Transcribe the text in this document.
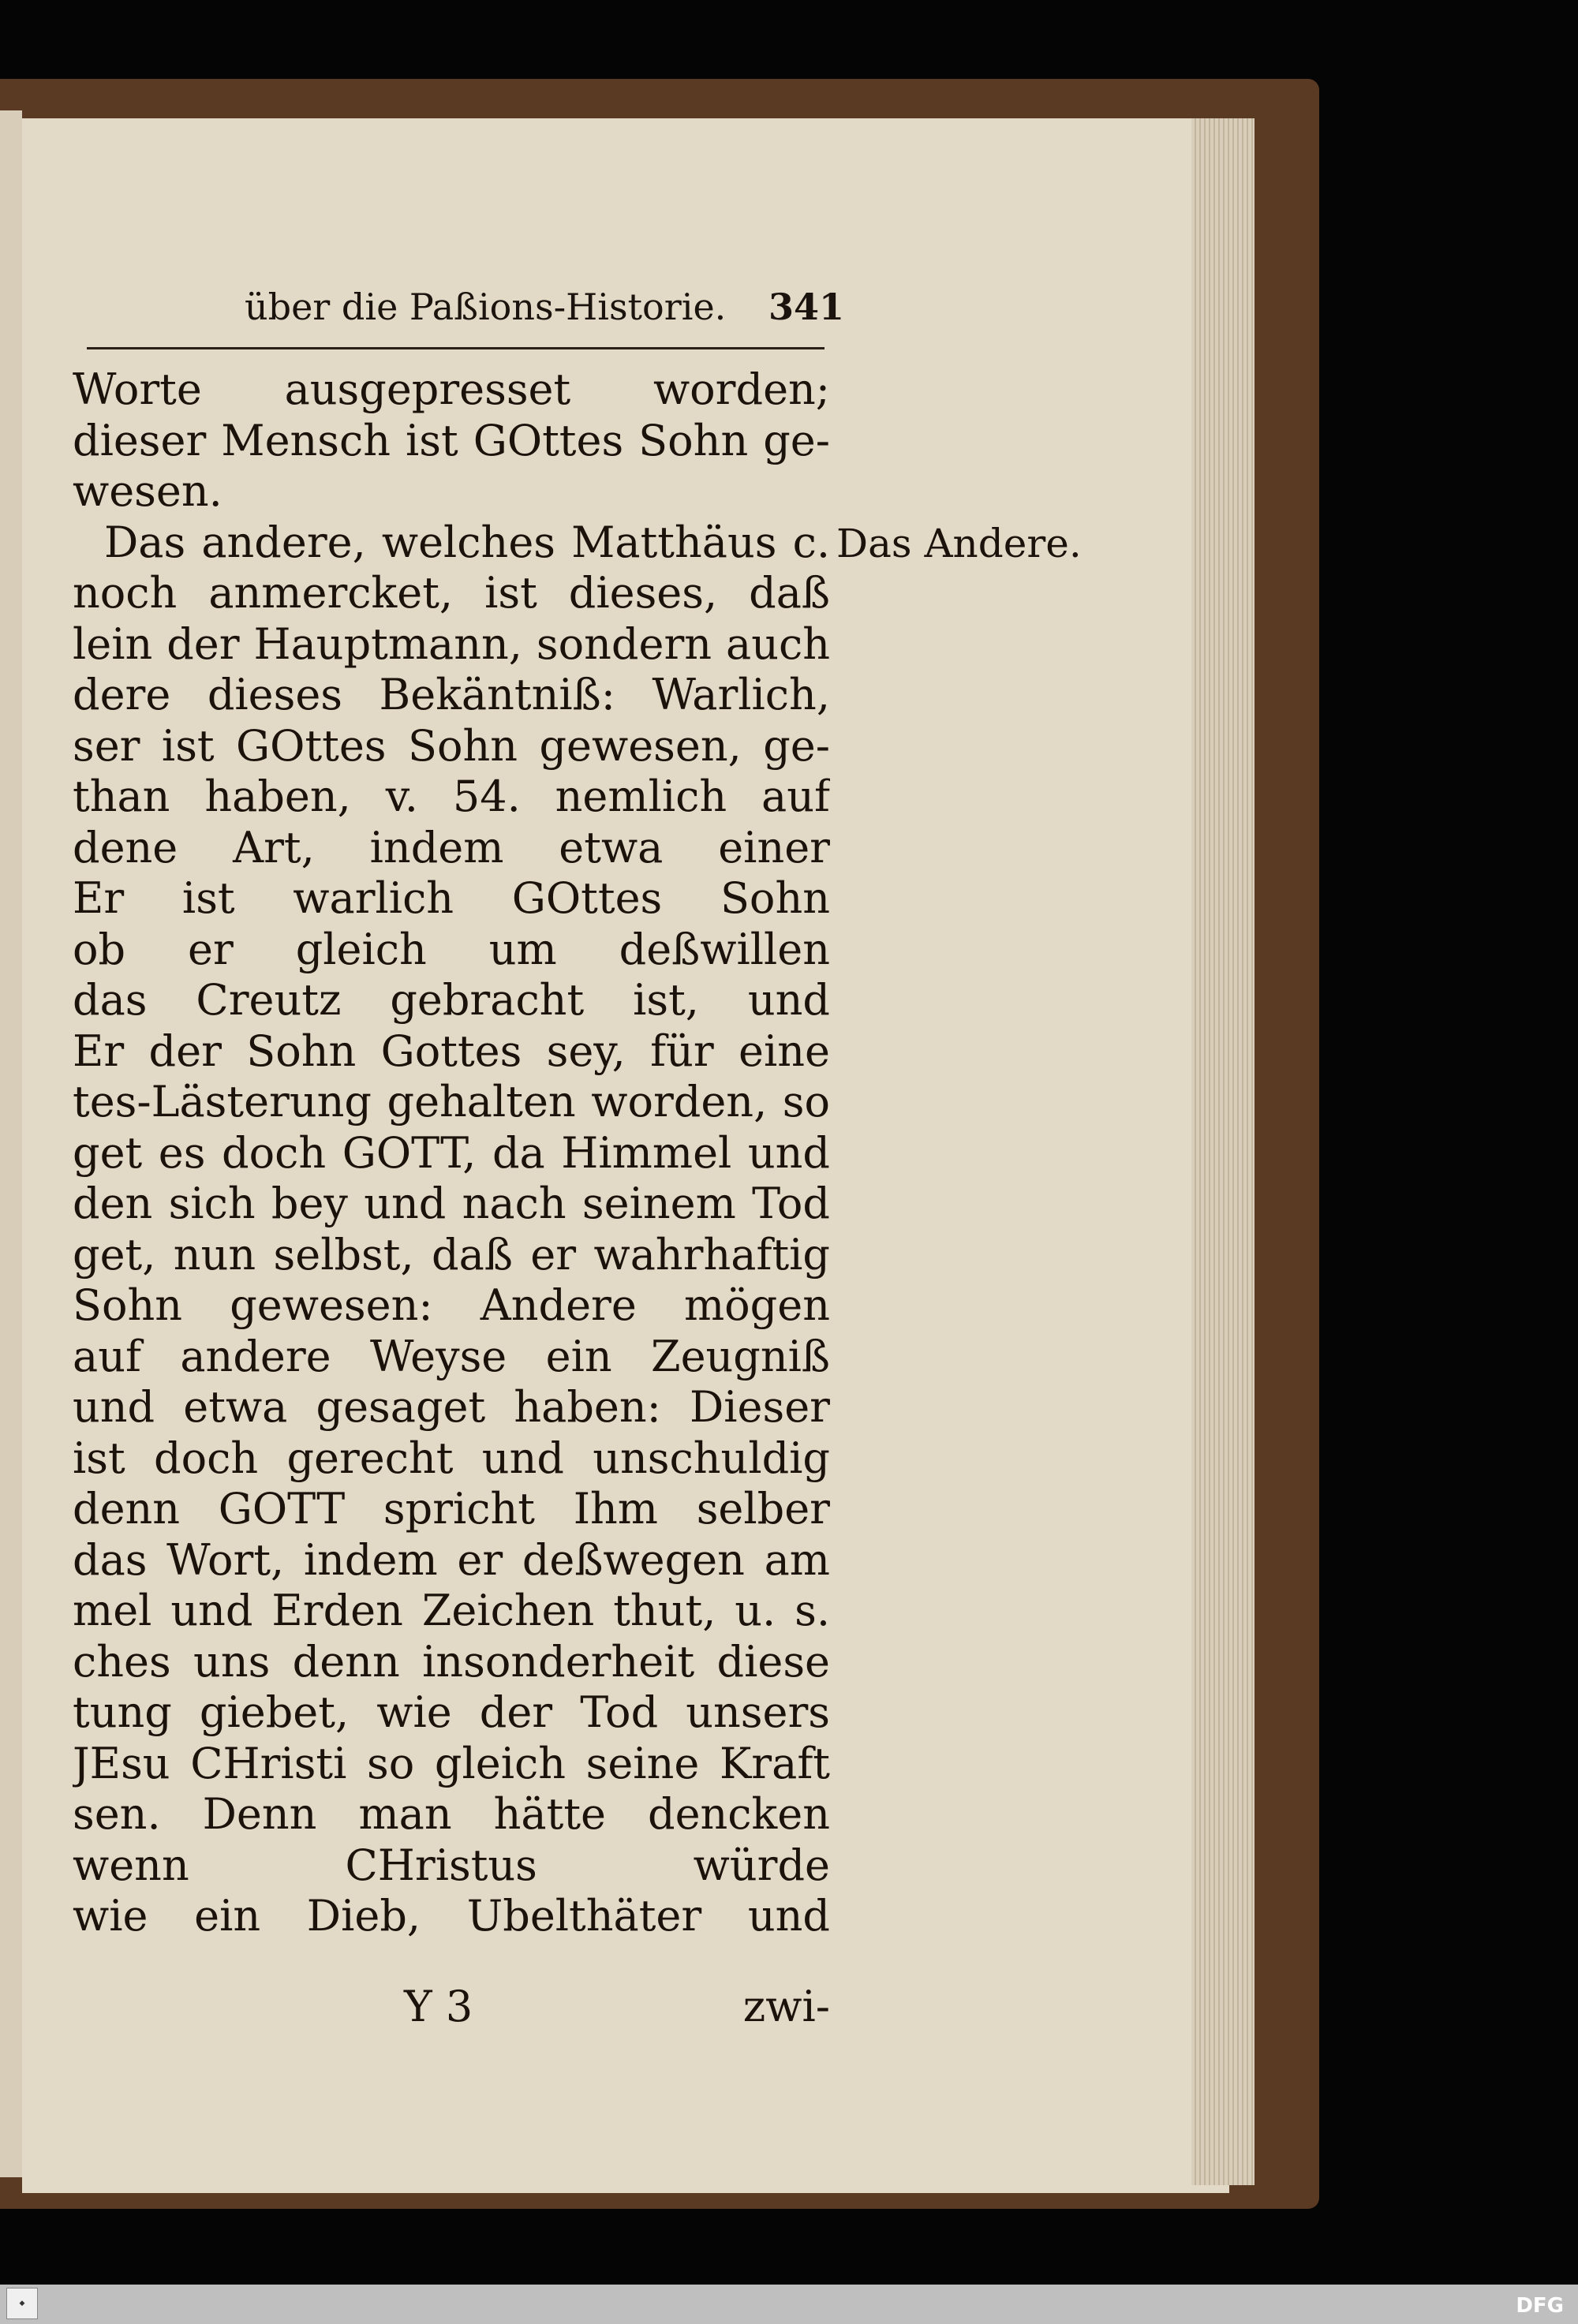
über die Paßions-Historie. 341
Worte ausgepresset worden;
dieser Mensch ist GOttes Sohn ge-
wesen.
Das andere, welches Matthäus c.
noch anmercket, ist dieses, daß
lein der Hauptmann, sondern auch
dere dieses Bekäntniß: Warlich,
ser ist GOttes Sohn gewesen, ge-
than haben, v. 54. nemlich auf
dene Art, indem etwa einer
Er ist warlich GOttes Sohn
ob er gleich um deßwillen
das Creutz gebracht ist, und
Er der Sohn Gottes sey, für eine
tes-Lästerung gehalten worden, so
get es doch GOTT, da Himmel und
den sich bey und nach seinem Tod
get, nun selbst, daß er wahrhaftig
Sohn gewesen: Andere mögen
auf andere Weyse ein Zeugniß
und etwa gesaget haben: Dieser
ist doch gerecht und unschuldig
denn GOTT spricht Ihm selber
das Wort, indem er deßwegen am
mel und Erden Zeichen thut, u. s.
ches uns denn insonderheit diese
tung giebet, wie der Tod unsers
JEsu CHristi so gleich seine Kraft
sen. Denn man hätte dencken
wenn CHristus würde
wie ein Dieb, Ubelthäter und
Das Andere.
Y 3	zwi-
◆	DFG
